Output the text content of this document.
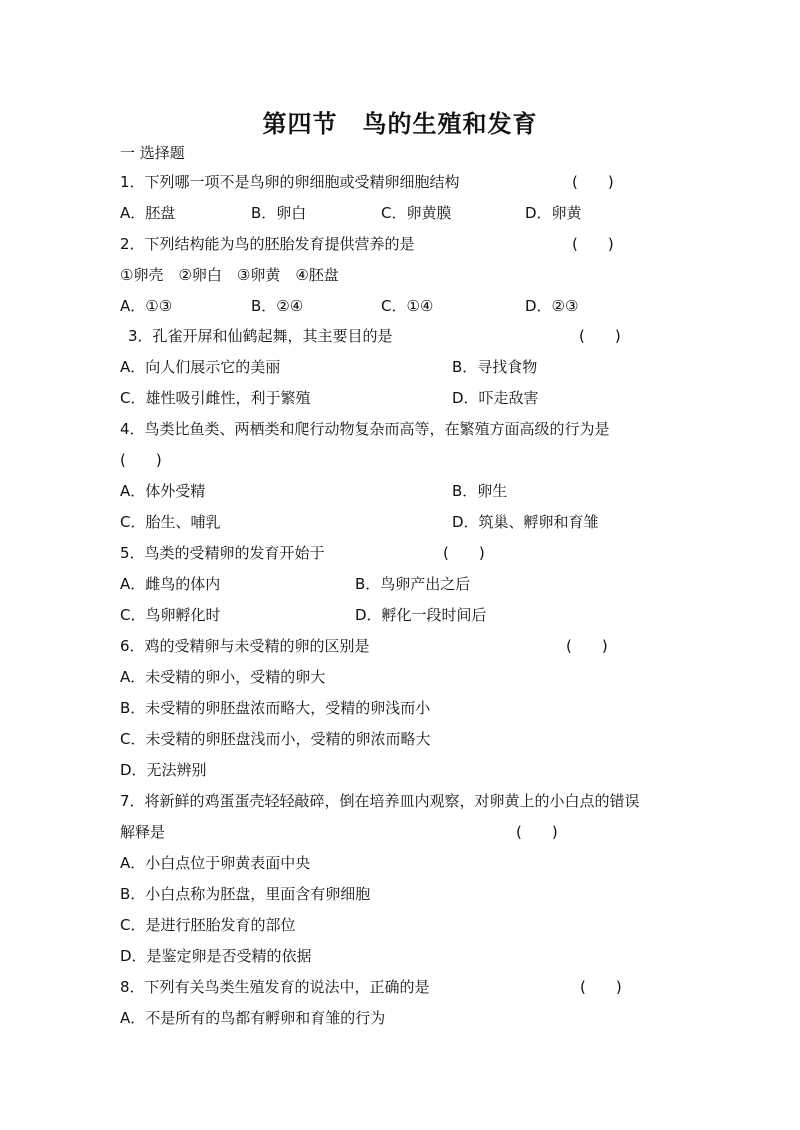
第四节　鸟的生殖和发育
一 选择题
1．下列哪一项不是鸟卵的卵细胞或受精卵细胞结构	(　　)
A．胚盘	B．卵白	C．卵黄膜	D．卵黄
2．下列结构能为鸟的胚胎发育提供营养的是	(　　)
①卵壳　②卵白　③卵黄　④胚盘
A．①③	B．②④	C．①④	D．②③
3．孔雀开屏和仙鹤起舞，其主要目的是	(　　)
A．向人们展示它的美丽	B．寻找食物
C．雄性吸引雌性，利于繁殖	D．吓走敌害
4．鸟类比鱼类、两栖类和爬行动物复杂而高等，在繁殖方面高级的行为是
(　　)
A．体外受精	B．卵生
C．胎生、哺乳	D．筑巢、孵卵和育雏
5．鸟类的受精卵的发育开始于	(　　)
A．雌鸟的体内	B．鸟卵产出之后
C．鸟卵孵化时	D．孵化一段时间后
6．鸡的受精卵与未受精的卵的区别是	(　　)
A．未受精的卵小，受精的卵大
B．未受精的卵胚盘浓而略大，受精的卵浅而小
C．未受精的卵胚盘浅而小，受精的卵浓而略大
D．无法辨别
7．将新鲜的鸡蛋蛋壳轻轻敲碎，倒在培养皿内观察，对卵黄上的小白点的错误
解释是	(　　)
A．小白点位于卵黄表面中央
B．小白点称为胚盘，里面含有卵细胞
C．是进行胚胎发育的部位
D．是鉴定卵是否受精的依据
8．下列有关鸟类生殖发育的说法中，正确的是	(　　)
A．不是所有的鸟都有孵卵和育雏的行为
